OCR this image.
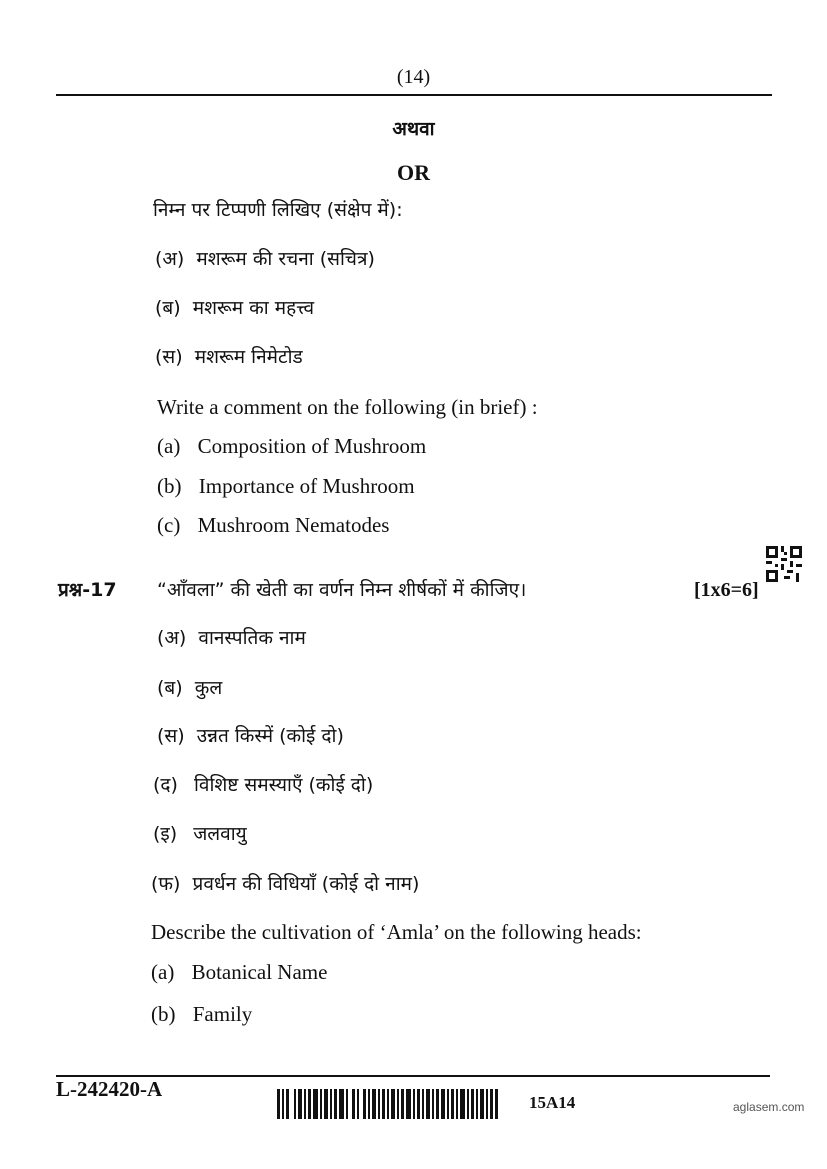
(14)
अथवा
OR
निम्न पर टिप्पणी लिखिए (संक्षेप में):
(अ) मशरूम की रचना (सचित्र)
(ब) मशरूम का महत्त्व
(स) मशरूम निमेटोड
Write a comment on the following (in brief) :
(a) Composition of Mushroom
(b) Importance of Mushroom
(c) Mushroom Nematodes
प्रश्न-17 “आँवला” की खेती का वर्णन निम्न शीर्षकों में कीजिए।	[1x6=6]
(अ) वानस्पतिक नाम
(ब) कुल
(स) उन्नत किस्में (कोई दो)
(द) विशिष्ट समस्याएँ (कोई दो)
(इ) जलवायु
(फ) प्रवर्धन की विधियाँ (कोई दो नाम)
Describe the cultivation of ‘Amla’ on the following heads:
(a) Botanical Name
(b) Family
L-242420-A
15A14	aglasem.com
